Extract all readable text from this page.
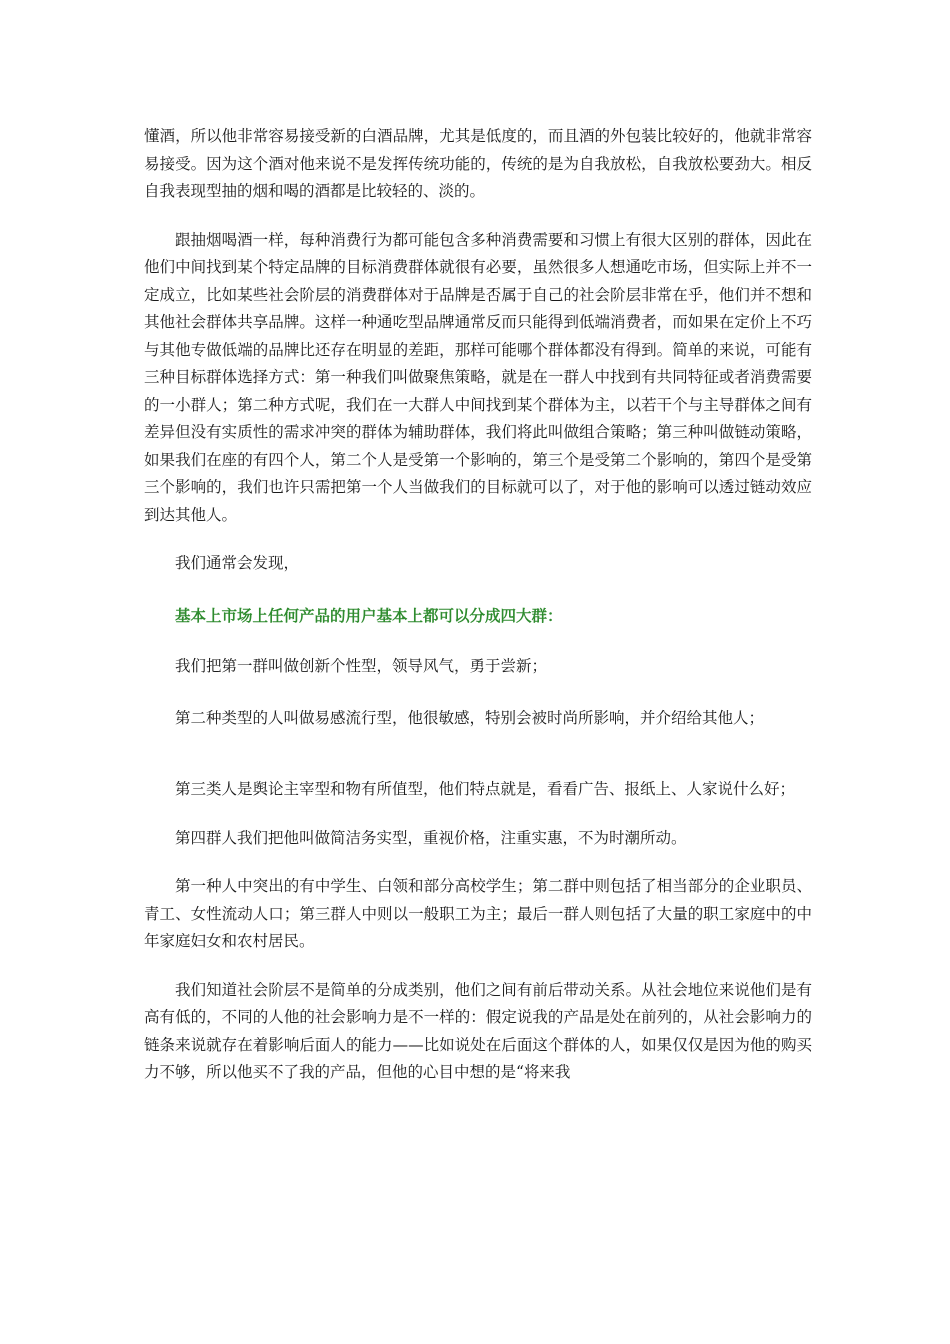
懂酒，所以他非常容易接受新的白酒品牌，尤其是低度的，而且酒的外包装比较好的，他就非常容易接受。因为这个酒对他来说不是发挥传统功能的，传统的是为自我放松，自我放松要劲大。相反自我表现型抽的烟和喝的酒都是比较轻的、淡的。

跟抽烟喝酒一样，每种消费行为都可能包含多种消费需要和习惯上有很大区别的群体，因此在他们中间找到某个特定品牌的目标消费群体就很有必要，虽然很多人想通吃市场，但实际上并不一定成立，比如某些社会阶层的消费群体对于品牌是否属于自己的社会阶层非常在乎，他们并不想和其他社会群体共享品牌。这样一种通吃型品牌通常反而只能得到低端消费者，而如果在定价上不巧与其他专做低端的品牌比还存在明显的差距，那样可能哪个群体都没有得到。简单的来说，可能有三种目标群体选择方式：第一种我们叫做聚焦策略，就是在一群人中找到有共同特征或者消费需要的一小群人；第二种方式呢，我们在一大群人中间找到某个群体为主，以若干个与主导群体之间有差异但没有实质性的需求冲突的群体为辅助群体，我们将此叫做组合策略；第三种叫做链动策略，如果我们在座的有四个人，第二个人是受第一个影响的，第三个是受第二个影响的，第四个是受第三个影响的，我们也许只需把第一个人当做我们的目标就可以了，对于他的影响可以透过链动效应到达其他人。

我们通常会发现，

基本上市场上任何产品的用户基本上都可以分成四大群：

我们把第一群叫做创新个性型，领导风气，勇于尝新；

第二种类型的人叫做易感流行型，他很敏感，特别会被时尚所影响，并介绍给其他人；

第三类人是舆论主宰型和物有所值型，他们特点就是，看看广告、报纸上、人家说什么好；

第四群人我们把他叫做简洁务实型，重视价格，注重实惠，不为时潮所动。

第一种人中突出的有中学生、白领和部分高校学生；第二群中则包括了相当部分的企业职员、青工、女性流动人口；第三群人中则以一般职工为主；最后一群人则包括了大量的职工家庭中的中年家庭妇女和农村居民。

我们知道社会阶层不是简单的分成类别，他们之间有前后带动关系。从社会地位来说他们是有高有低的，不同的人他的社会影响力是不一样的：假定说我的产品是处在前列的，从社会影响力的链条来说就存在着影响后面人的能力——比如说处在后面这个群体的人，如果仅仅是因为他的购买力不够，所以他买不了我的产品，但他的心目中想的是“将来我
